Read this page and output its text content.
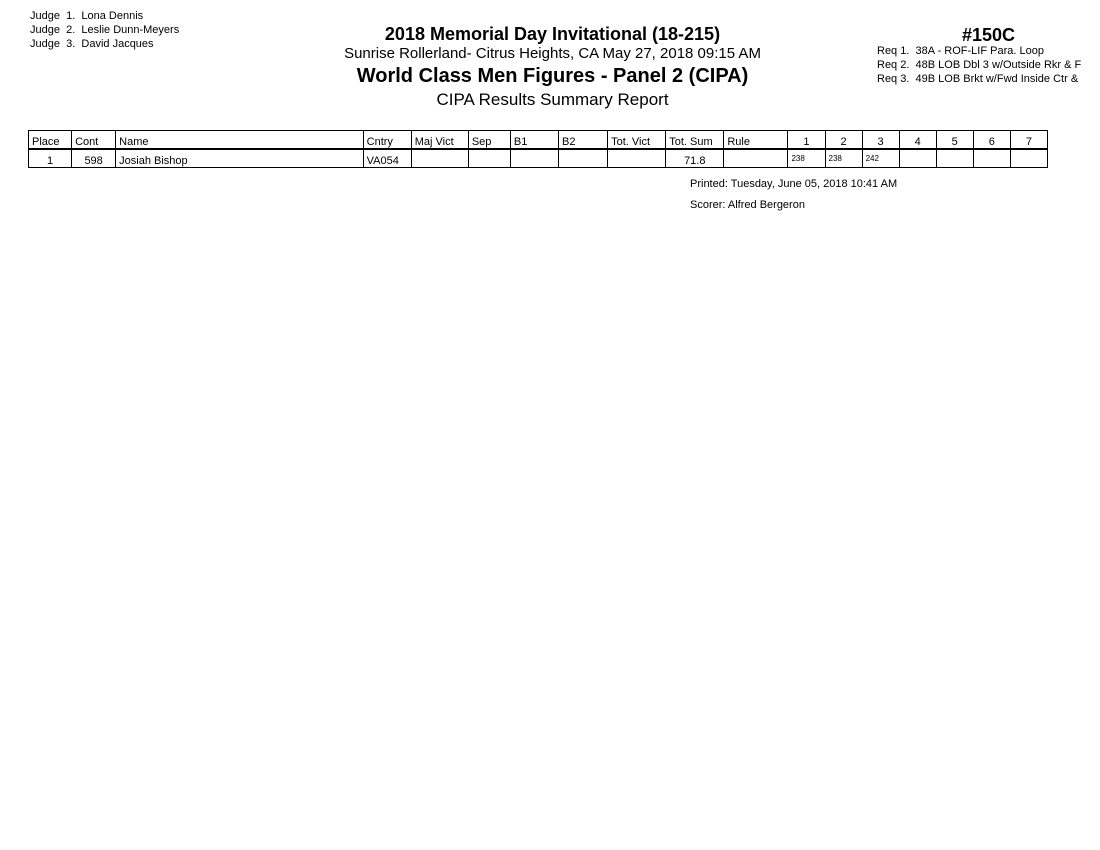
Judge  1. Lona Dennis
Judge  2. Leslie Dunn-Meyers
Judge  3. David Jacques	2018 Memorial Day Invitational (18-215)
Sunrise Rollerland- Citrus Heights, CA May 27, 2018 09:15 AM
World Class Men Figures - Panel 2 (CIPA)
CIPA Results Summary Report
#150C
Req 1. 38A - ROF-LIF Para. Loop
Req 2. 48B LOB Dbl 3 w/Outside Rkr & F
Req 3. 49B LOB Brkt w/Fwd Inside Ctr &
Place	Cont	Name	Cntry	Maj Vict	Sep	B1	B2	Tot. Vict	Tot. Sum	Rule	1	2	3	4	5	6	7
1	598	Josiah Bishop	VA054						71.8		238	238	242				
Printed: Tuesday, June 05, 2018 10:41 AM
Scorer: Alfred Bergeron
